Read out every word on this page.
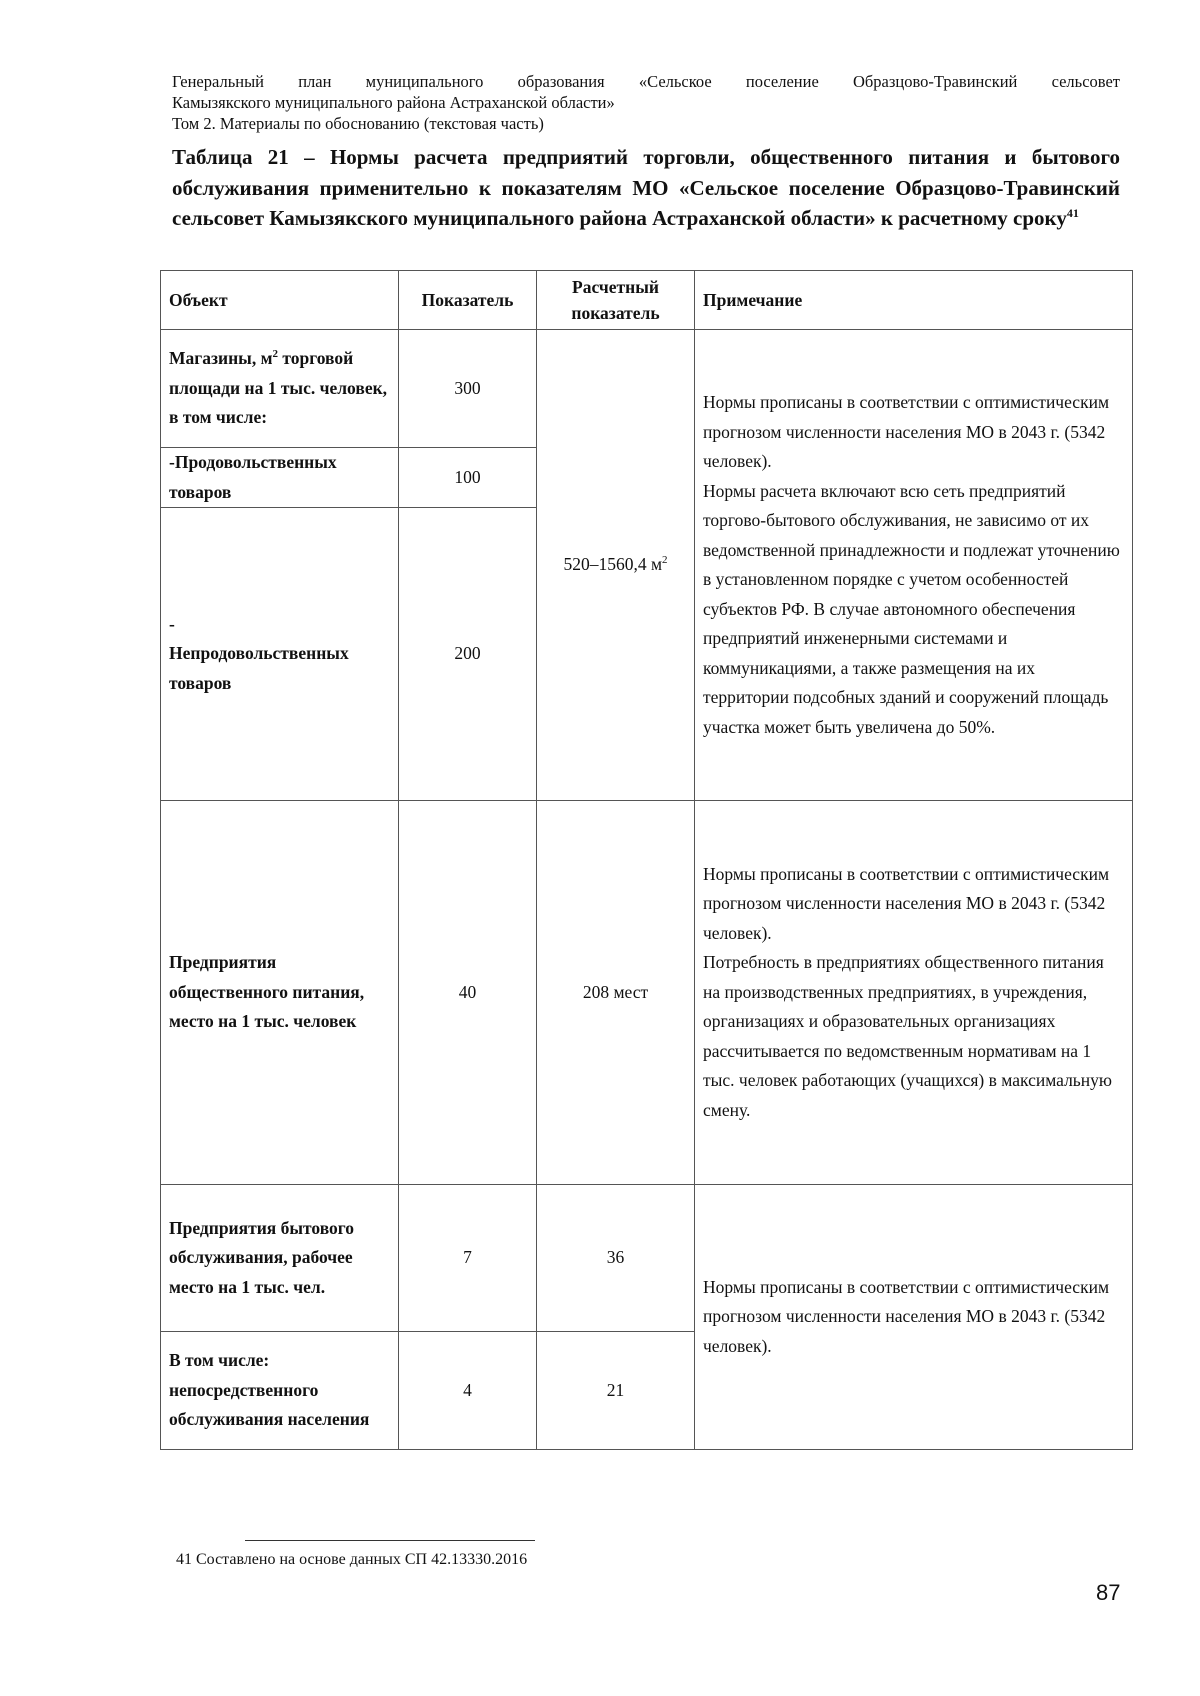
Генеральный план муниципального образования «Сельское поселение Образцово-Травинский сельсовет
Камызякского муниципального района Астраханской области»
Том 2. Материалы по обоснованию (текстовая часть)
Таблица 21 – Нормы расчета предприятий торговли, общественного питания и бытового обслуживания применительно к показателям МО «Сельское поселение Образцово-Травинский сельсовет Камызякского муниципального района Астраханской области» к расчетному сроку$^{41}$
Объект	Показатель	Расчетный показатель	Примечание
Магазины, $м^2$ торговой площади на 1 тыс. человек, в том числе:	300	520–1560,4 $м^2$	Нормы прописаны в соответствии с оптимистическим прогнозом численности населения МО в 2043 г. (5342 человек).
Нормы расчета включают всю сеть предприятий торгово-бытового обслуживания, не зависимо от их ведомственной принадлежности и подлежат уточнению в установленном порядке с учетом особенностей субъектов РФ. В случае автономного обеспечения предприятий инженерными системами и коммуникациями, а также размещения на их территории подсобных зданий и сооружений площадь участка может быть увеличена до 50%.

-Продовольственных товаров	100		

-
Непродовольственных товаров	200		
Предприятия общественного питания, место на 1 тыс. человек	40	208 мест	Нормы прописаны в соответствии с оптимистическим прогнозом численности населения МО в 2043 г. (5342 человек).
Потребность в предприятиях общественного питания на производственных предприятиях, в учреждения, организациях и образовательных организациях рассчитывается по ведомственным нормативам на 1 тыс. человек работающих (учащихся) в максимальную смену.

Предприятия бытового обслуживания, рабочее место на 1 тыс. чел.	7	36	Нормы прописаны в соответствии с оптимистическим прогнозом численности населения МО в 2043 г. (5342 человек).

В том числе: непосредственного обслуживания населения	4	21	
41 Составлено на основе данных СП 42.13330.2016
87
